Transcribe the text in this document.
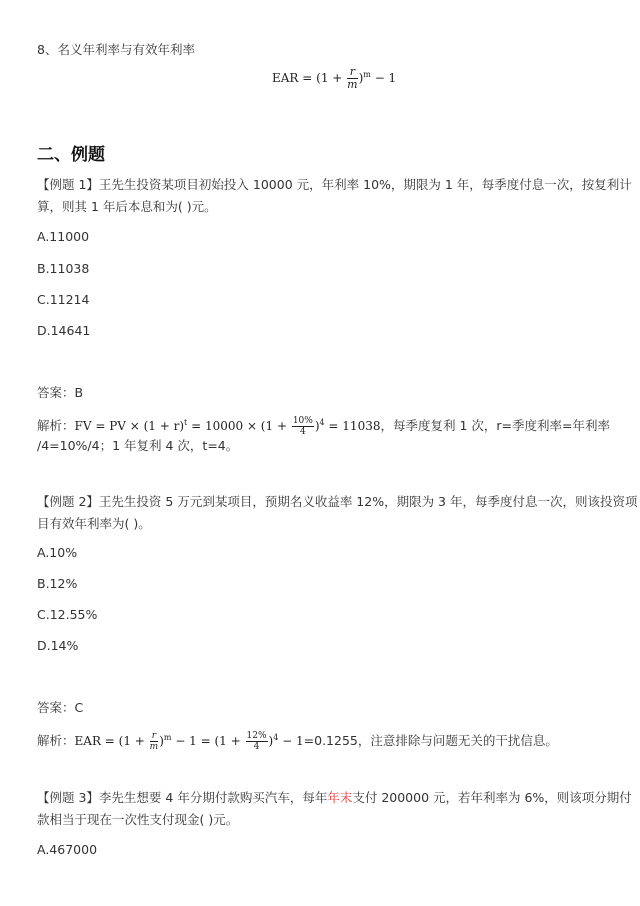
8、名义年利率与有效年利率
EAR = $(1 + \frac{r}{m} )^m - 1$
二、例题
【例题 1】王先生投资某项目初始投入 10000 元，年利率 10%，期限为 1 年，每季度付息一次，按复利计
算，则其 1 年后本息和为( )元。
A.11000
B.11038
C.11214
D.14641
答案：B
解析：FV = PV × $(1 + r)^t = 10000 \times (1 + \frac{10\%}{4} )^4 = 11038$，每季度复利 1 次，r=季度利率=年利率
/4=10%/4；1 年复利 4 次，t=4。
【例题 2】王先生投资 5 万元到某项目，预期名义收益率 12%，期限为 3 年，每季度付息一次，则该投资项
目有效年利率为( )。
A.10%
B.12%
C.12.55%
D.14%
答案：C
解析：EAR = $(1 + \frac{r}{m} )^m - 1 = (1 + \frac{12\%}{4} )^4 - 1=0.1255$，注意排除与问题无关的干扰信息。
【例题 3】李先生想要 4 年分期付款购买汽车，每年年末支付 200000 元，若年利率为 6%，则该项分期付
款相当于现在一次性支付现金( )元。
A.467000
